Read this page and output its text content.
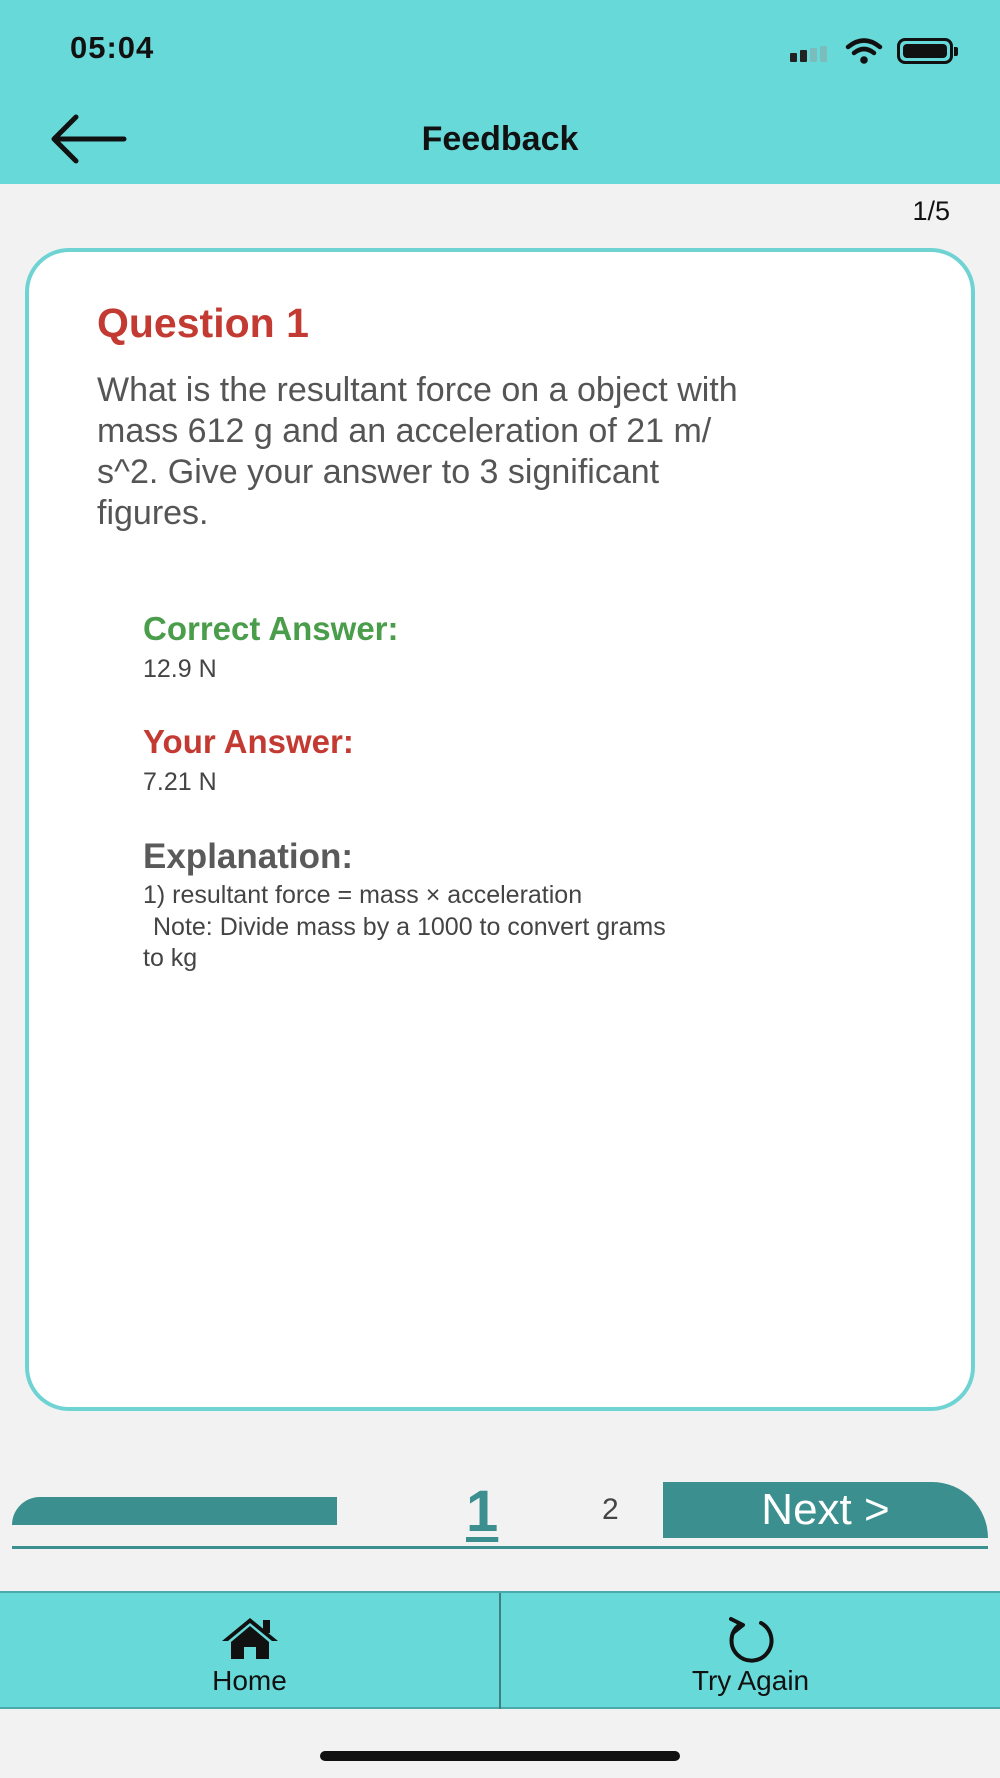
05:04
Feedback
1/5
Question 1
What is the resultant force on a object with
mass 612 g and an acceleration of 21 m/
s^2. Give your answer to 3 significant
figures.
Correct Answer:
12.9 N
Your Answer:
7.21 N
Explanation:
1) resultant force = mass × acceleration
Note: Divide mass by a 1000 to convert grams
to kg
1	2	Next >
Home	Try Again
